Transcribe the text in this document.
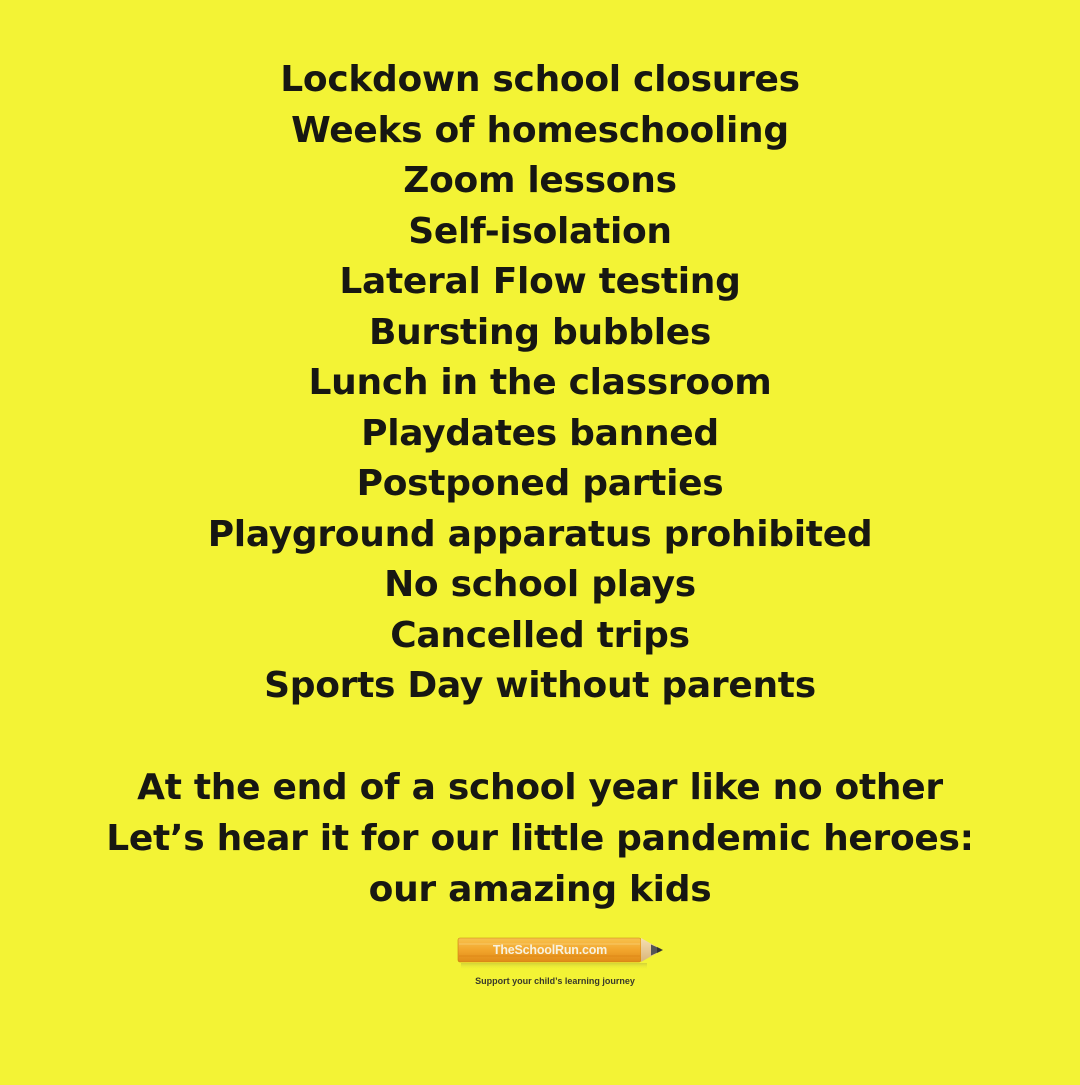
Lockdown school closures
Weeks of homeschooling
Zoom lessons
Self-isolation
Lateral Flow testing
Bursting bubbles
Lunch in the classroom
Playdates banned
Postponed parties
Playground apparatus prohibited
No school plays
Cancelled trips
Sports Day without parents
At the end of a school year like no other
Let’s hear it for our little pandemic heroes:
our amazing kids
TheSchoolRun.com
Support your child’s learning journey
